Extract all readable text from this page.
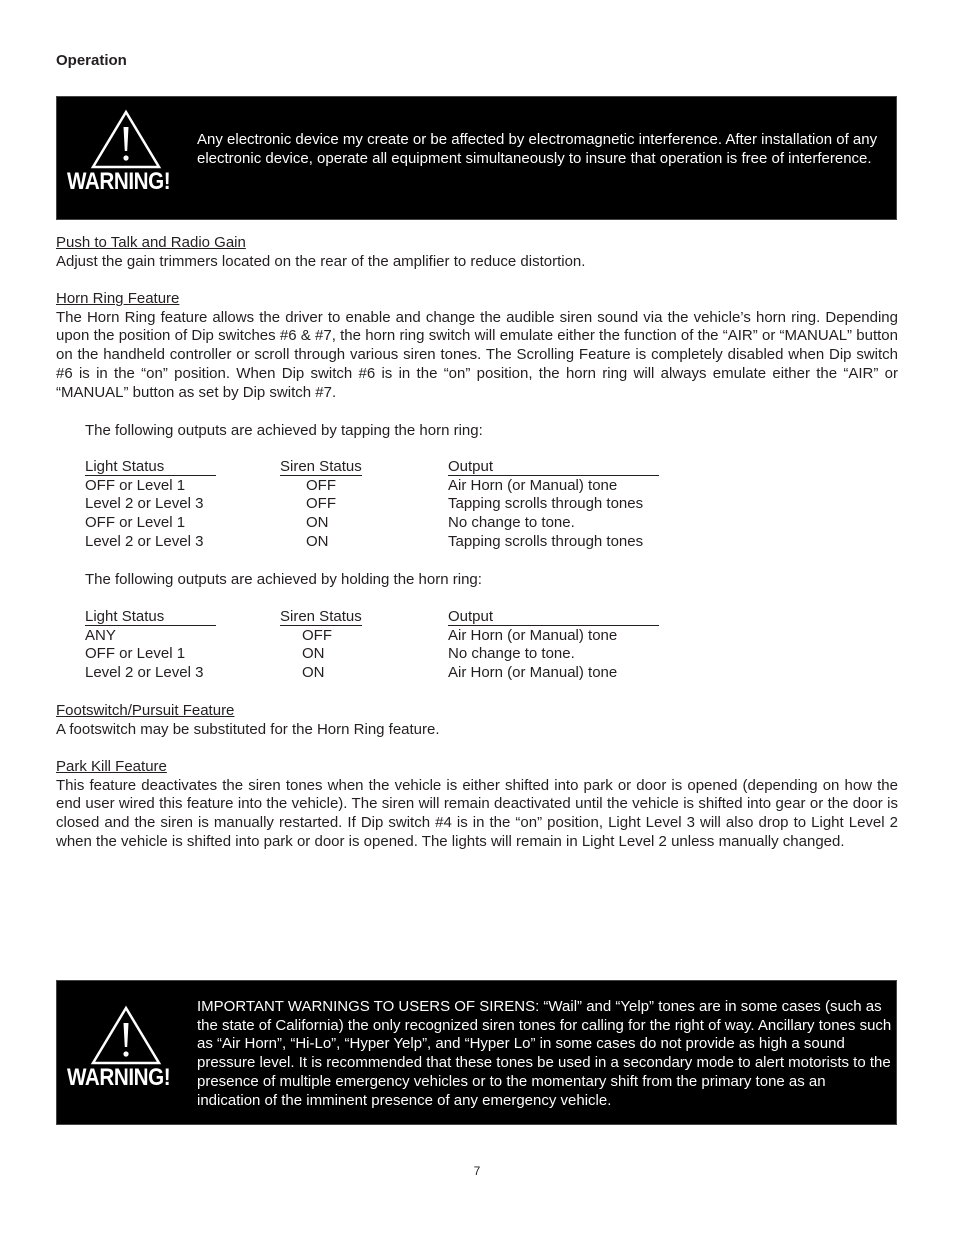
Operation
WARNING!
Any electronic device my create or be affected by electromagnetic interference. After installation of any electronic device, operate all equipment simultaneously to insure that operation is free of interference.
Push to Talk and Radio Gain
Adjust the gain trimmers located on the rear of the amplifier to reduce distortion.
Horn Ring Feature
The Horn Ring feature allows the driver to enable and change the audible siren sound via the vehicle’s horn ring. Depending upon the position of Dip switches #6 & #7, the horn ring switch will emulate either the function of the “AIR” or “MANUAL” button on the handheld controller or scroll through various siren tones. The Scrolling Feature is completely disabled when Dip switch #6 is in the “on” position. When Dip switch #6 is in the “on” position, the horn ring will always emulate either the “AIR” or “MANUAL” button as set by Dip switch #7.
The following outputs are achieved by tapping the horn ring:
Light Status	Siren Status	Output
OFF or Level 1	OFF	Air Horn (or Manual) tone
Level 2 or Level 3	OFF	Tapping scrolls through tones
OFF or Level 1	ON	No change to tone.
Level 2 or Level 3	ON	Tapping scrolls through tones
The following outputs are achieved by holding the horn ring:
Light Status	Siren Status	Output
ANY	OFF	Air Horn (or Manual) tone
OFF or Level 1	ON	No change to tone.
Level 2 or Level 3	ON	Air Horn (or Manual) tone
Footswitch/Pursuit Feature
A footswitch may be substituted for the Horn Ring feature.
Park Kill Feature
This feature deactivates the siren tones when the vehicle is either shifted into park or door is opened (depending on how the end user wired this feature into the vehicle). The siren will remain deactivated until the vehicle is shifted into gear or the door is closed and the siren is manually restarted. If Dip switch #4 is in the “on” position, Light Level 3 will also drop to Light Level 2 when the vehicle is shifted into park or door is opened. The lights will remain in Light Level 2 unless manually changed.
WARNING!
IMPORTANT WARNINGS TO USERS OF SIRENS: “Wail” and “Yelp” tones are in some cases (such as the state of California) the only recognized siren tones for calling for the right of way. Ancillary tones such as “Air Horn”, “Hi-Lo”, “Hyper Yelp”, and “Hyper Lo” in some cases do not provide as high a sound pressure level. It is recommended that these tones be used in a secondary mode to alert motorists to the presence of multiple emergency vehicles or to the momentary shift from the primary tone as an indication of the imminent presence of any emergency vehicle.
7
